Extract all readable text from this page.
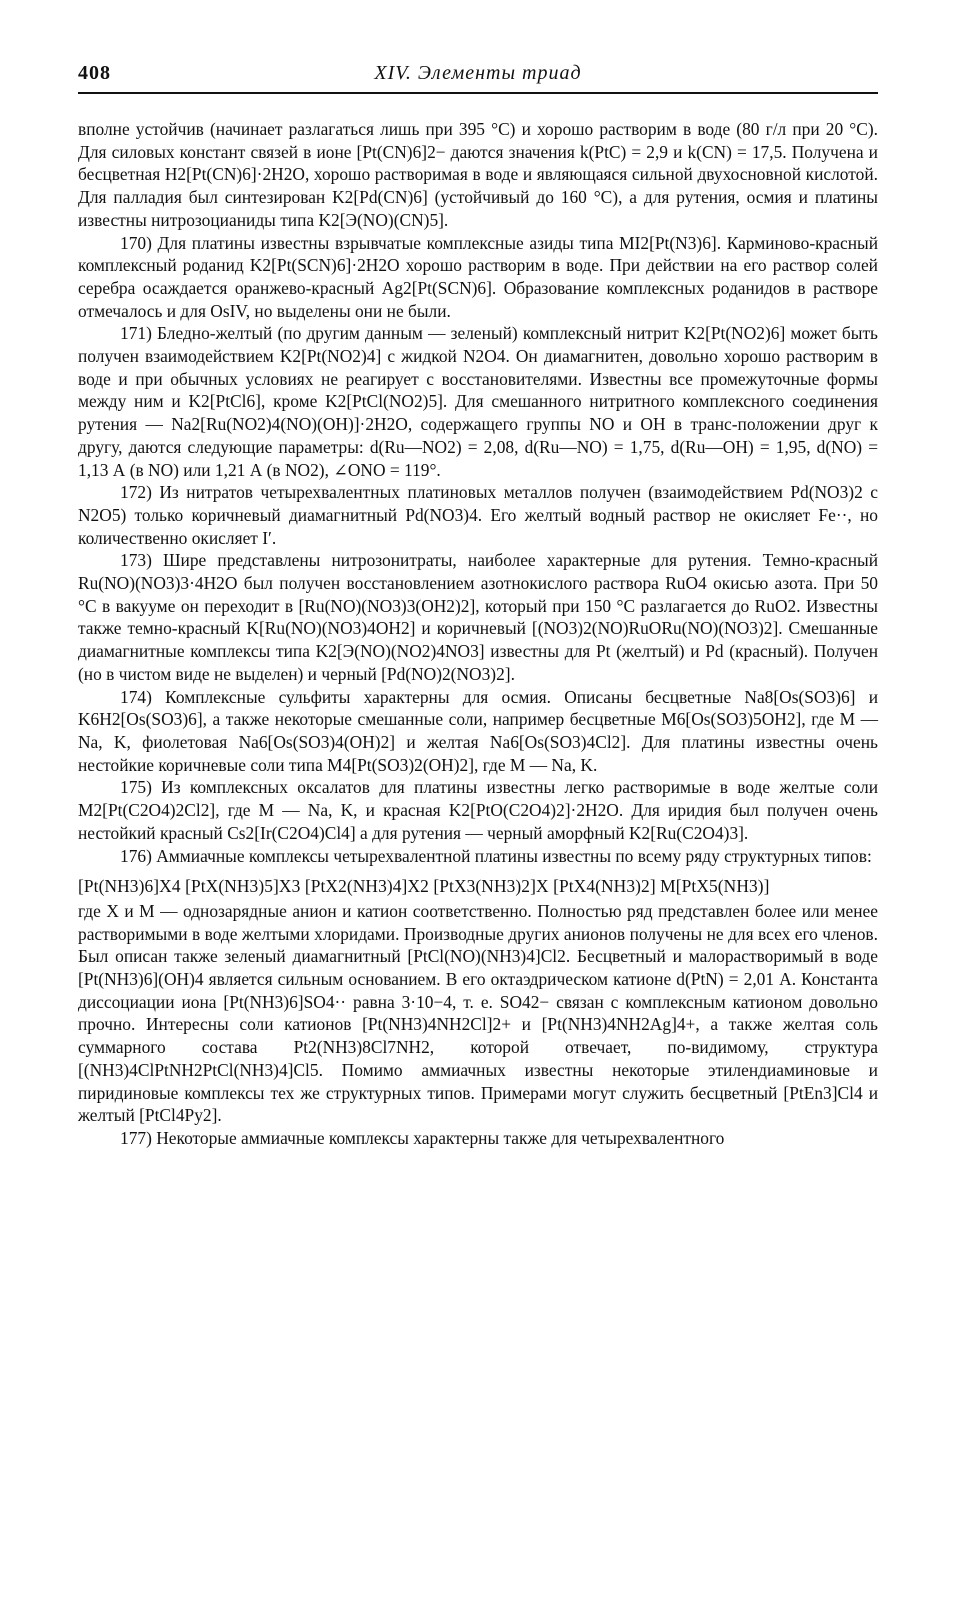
408	XIV. Элементы триад

вполне устойчив (начинает разлагаться лишь при 395 °С) и хорошо растворим в воде (80 г/л при 20 °С). Для силовых констант связей в ионе [Pt(CN)6]2− даются значения k(PtC) = 2,9 и k(CN) = 17,5. Получена и бесцветная H2[Pt(CN)6]·2H2O, хорошо растворимая в воде и являющаяся сильной двухосновной кислотой. Для палладия был синтезирован K2[Pd(CN)6] (устойчивый до 160 °С), а для рутения, осмия и платины известны нитрозоцианиды типа K2[Э(NO)(CN)5].

170) Для платины известны взрывчатые комплексные азиды типа MI2[Pt(N3)6]. Карминово-красный комплексный роданид K2[Pt(SCN)6]·2H2O хорошо растворим в воде. При действии на его раствор солей серебра осаждается оранжево-красный Ag2[Pt(SCN)6]. Образование комплексных роданидов в растворе отмечалось и для OsIV, но выделены они не были.

171) Бледно-желтый (по другим данным — зеленый) комплексный нитрит K2[Pt(NO2)6] может быть получен взаимодействием K2[Pt(NO2)4] с жидкой N2O4. Он диамагнитен, довольно хорошо растворим в воде и при обычных условиях не реагирует с восстановителями. Известны все промежуточные формы между ним и K2[PtCl6], кроме K2[PtCl(NO2)5]. Для смешанного нитритного комплексного соединения рутения — Na2[Ru(NO2)4(NO)(OH)]·2H2O, содержащего группы NO и OH в транс-положении друг к другу, даются следующие параметры: d(Ru—NO2) = 2,08, d(Ru—NO) = 1,75, d(Ru—OH) = 1,95, d(NO) = 1,13 А (в NO) или 1,21 А (в NO2), ∠ONO = 119°.

172) Из нитратов четырехвалентных платиновых металлов получен (взаимодействием Pd(NO3)2 с N2O5) только коричневый диамагнитный Pd(NO3)4. Его желтый водный раствор не окисляет Fe··, но количественно окисляет I′.

173) Шире представлены нитрозонитраты, наиболее характерные для рутения. Темно-красный Ru(NO)(NO3)3·4H2O был получен восстановлением азотнокислого раствора RuO4 окисью азота. При 50 °С в вакууме он переходит в [Ru(NO)(NO3)3(OH2)2], который при 150 °С разлагается до RuO2. Известны также темно-красный K[Ru(NO)(NO3)4OH2] и коричневый [(NO3)2(NO)RuORu(NO)(NO3)2]. Смешанные диамагнитные комплексы типа K2[Э(NO)(NO2)4NO3] известны для Pt (желтый) и Pd (красный). Получен (но в чистом виде не выделен) и черный [Pd(NO)2(NO3)2].

174) Комплексные сульфиты характерны для осмия. Описаны бесцветные Na8[Os(SO3)6] и K6H2[Os(SO3)6], а также некоторые смешанные соли, например бесцветные M6[Os(SO3)5OH2], где M — Na, K, фиолетовая Na6[Os(SO3)4(OH)2] и желтая Na6[Os(SO3)4Cl2]. Для платины известны очень нестойкие коричневые соли типа M4[Pt(SO3)2(OH)2], где M — Na, K.

175) Из комплексных оксалатов для платины известны легко растворимые в воде желтые соли M2[Pt(C2O4)2Cl2], где M — Na, K, и красная K2[PtO(C2O4)2]·2H2O. Для иридия был получен очень нестойкий красный Cs2[Ir(C2O4)Cl4] а для рутения — черный аморфный K2[Ru(C2O4)3].

176) Аммиачные комплексы четырехвалентной платины известны по всему ряду структурных типов:

[Pt(NH3)6]X4 [PtX(NH3)5]X3 [PtX2(NH3)4]X2 [PtX3(NH3)2]X [PtX4(NH3)2] M[PtX5(NH3)]

где X и M — однозарядные анион и катион соответственно. Полностью ряд представлен более или менее растворимыми в воде желтыми хлоридами. Производные других анионов получены не для всех его членов. Был описан также зеленый диамагнитный [PtCl(NO)(NH3)4]Cl2. Бесцветный и малорастворимый в воде [Pt(NH3)6](OH)4 является сильным основанием. В его октаэдрическом катионе d(PtN) = 2,01 А. Константа диссоциации иона [Pt(NH3)6]SO4·· равна 3·10−4, т. е. SO42− связан с комплексным катионом довольно прочно. Интересны соли катионов [Pt(NH3)4NH2Cl]2+ и [Pt(NH3)4NH2Ag]4+, а также желтая соль суммарного состава Pt2(NH3)8Cl7NH2, которой отвечает, по-видимому, структура [(NH3)4ClPtNH2PtCl(NH3)4]Cl5. Помимо аммиачных известны некоторые этилендиаминовые и пиридиновые комплексы тех же структурных типов. Примерами могут служить бесцветный [PtEn3]Cl4 и желтый [PtCl4Py2].

177) Некоторые аммиачные комплексы характерны также для четырехвалентного
